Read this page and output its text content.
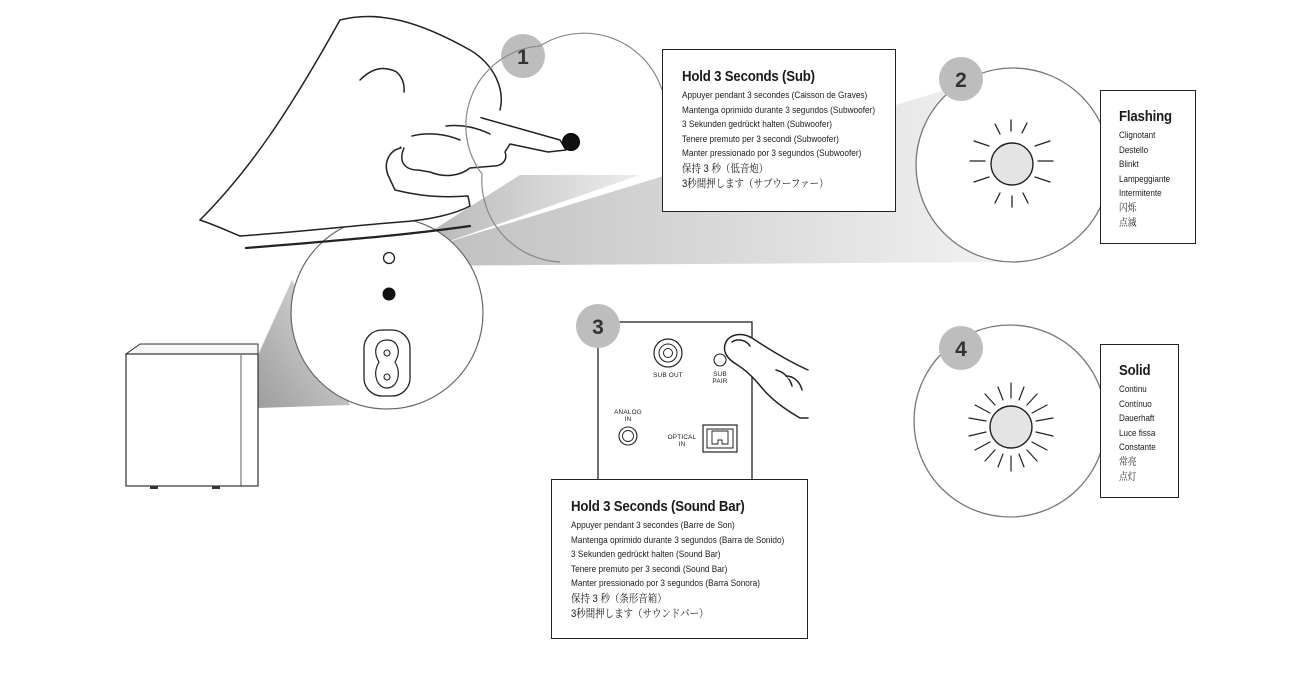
1
2
3
4
SUB OUT	SUB
PAIR
ANALOG
IN
OPTICAL
IN
Hold 3 Seconds (Sub)
Appuyer pendant 3 secondes (Caisson de Graves)
Mantenga oprimido durante 3 segundos (Subwoofer)
3 Sekunden gedrückt halten (Subwoofer)
Tenere premuto per 3 secondi (Subwoofer)
Manter pressionado por 3 segundos (Subwoofer)
保持 3 秒（低音炮）
3秒間押します（サブウーファー）
Flashing
Clignotant
Destello
Blinkt
Lampeggiante
Intermitente
闪烁
点滅
Solid
Continu
Contínuo
Dauerhaft
Luce fissa
Constante
常亮
点灯
Hold 3 Seconds (Sound Bar)
Appuyer pendant 3 secondes (Barre de Son)
Mantenga oprimido durante 3 segundos (Barra de Sonido)
3 Sekunden gedrückt halten (Sound Bar)
Tenere premuto per 3 secondi (Sound Bar)
Manter pressionado por 3 segundos (Barra Sonora)
保持 3 秒（条形音箱）
3秒間押します（サウンドバー）
